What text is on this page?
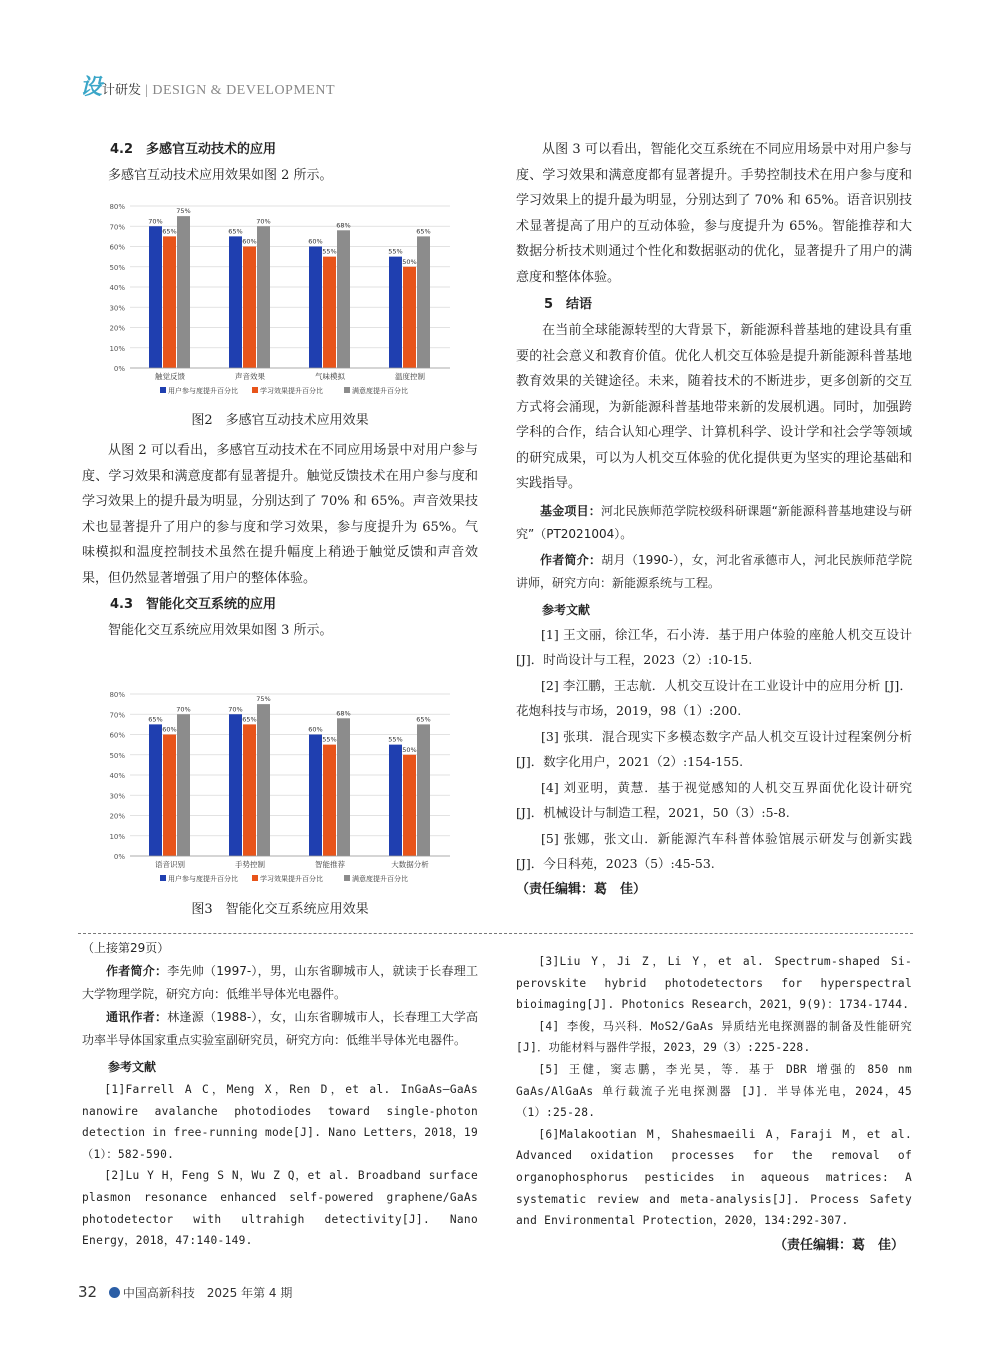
设计研发 | DESIGN & DEVELOPMENT
4.2　多感官互动技术的应用

多感官互动技术应用效果如图 2 所示。

0%
10%
20%
30%
40%
50%
60%
70%
80%
70%
65%
75%
触觉反馈
65%
60%
70%
声音效果
60%
55%
68%
气味模拟
55%
50%
65%
温度控制
用户参与度提升百分比	学习效果提升百分比	满意度提升百分比
图2　多感官互动技术应用效果

从图 2 可以看出，多感官互动技术在不同应用场景中对用户参与度、学习效果和满意度都有显著提升。触觉反馈技术在用户参与度和学习效果上的提升最为明显，分别达到了 70% 和 65%。声音效果技术也显著提升了用户的参与度和学习效果，参与度提升为 65%。气味模拟和温度控制技术虽然在提升幅度上稍逊于触觉反馈和声音效果，但仍然显著增强了用户的整体体验。

4.3　智能化交互系统的应用

智能化交互系统应用效果如图 3 所示。

0%
10%
20%
30%
40%
50%
60%
70%
80%
65%
60%
70%
语音识别
70%
65%
75%
手势控制
60%
55%
68%
智能推荐
55%
50%
65%
大数据分析
用户参与度提升百分比	学习效果提升百分比	满意度提升百分比
图3　智能化交互系统应用效果

从图 3 可以看出，智能化交互系统在不同应用场景中对用户参与度、学习效果和满意度都有显著提升。手势控制技术在用户参与度和学习效果上的提升最为明显，分别达到了 70% 和 65%。语音识别技术显著提高了用户的互动体验，参与度提升为 65%。智能推荐和大数据分析技术则通过个性化和数据驱动的优化，显著提升了用户的满意度和整体体验。

5　结语

在当前全球能源转型的大背景下，新能源科普基地的建设具有重要的社会意义和教育价值。优化人机交互体验是提升新能源科普基地教育效果的关键途径。未来，随着技术的不断进步，更多创新的交互方式将会涌现，为新能源科普基地带来新的发展机遇。同时，加强跨学科的合作，结合认知心理学、计算机科学、设计学和社会学等领域的研究成果，可以为人机交互体验的优化提供更为坚实的理论基础和实践指导。

基金项目：河北民族师范学院校级科研课题“新能源科普基地建设与研究”（PT2021004）。

作者简介：胡月（1990-），女，河北省承德市人，河北民族师范学院讲师，研究方向：新能源系统与工程。

参考文献

[1] 王文丽，徐江华，石小涛．基于用户体验的座舱人机交互设计 [J]．时尚设计与工程，2023（2）:10-15.

[2] 李江鹏，王志航．人机交互设计在工业设计中的应用分析 [J]．花炮科技与市场，2019，98（1）:200.

[3] 张琪．混合现实下多模态数字产品人机交互设计过程案例分析 [J]．数字化用户，2021（2）:154-155.

[4] 刘亚明，黄慧．基于视觉感知的人机交互界面优化设计研究 [J]．机械设计与制造工程，2021，50（3）:5-8.

[5] 张娜，张文山．新能源汽车科普体验馆展示研发与创新实践 [J]．今日科苑，2023（5）:45-53.

（责任编辑：葛　佳）

（上接第29页）

作者简介：李先帅（1997-），男，山东省聊城市人，就读于长春理工大学物理学院，研究方向：低维半导体光电器件。

通讯作者：林逢源（1988-），女，山东省聊城市人，长春理工大学高功率半导体国家重点实验室副研究员，研究方向：低维半导体光电器件。

参考文献

[1]Farrell A C，Meng X，Ren D，et al. InGaAs–GaAs nanowire avalanche photodiodes toward single-photon detection in free-running mode[J]. Nano Letters，2018，19（1）：582-590.

[2]Lu Y H，Feng S N，Wu Z Q，et al. Broadband surface plasmon resonance enhanced self-powered graphene/GaAs photodetector with ultrahigh detectivity[J]. Nano Energy，2018，47:140-149.

[3]Liu Y，Ji Z，Li Y，et al. Spectrum-shaped Si-perovskite hybrid photodetectors for hyperspectral bioimaging[J]. Photonics Research，2021，9(9)：1734-1744.

[4] 李俊，马兴科．MoS2/GaAs 异质结光电探测器的制备及性能研究 [J]．功能材料与器件学报，2023，29（3）:225-228.

[5] 王健，窦志鹏，李光昊，等．基于 DBR 增强的 850 nm GaAs/AlGaAs 单行载流子光电探测器 [J]．半导体光电，2024，45（1）:25-28.

[6]Malakootian M，Shahesmaeili A，Faraji M，et al. Advanced oxidation processes for the removal of organophosphorus pesticides in aqueous matrices: A systematic review and meta-analysis[J]. Process Safety and Environmental Protection，2020，134:292-307.

（责任编辑：葛　佳）

32 中国高新科技 2025 年第 4 期
